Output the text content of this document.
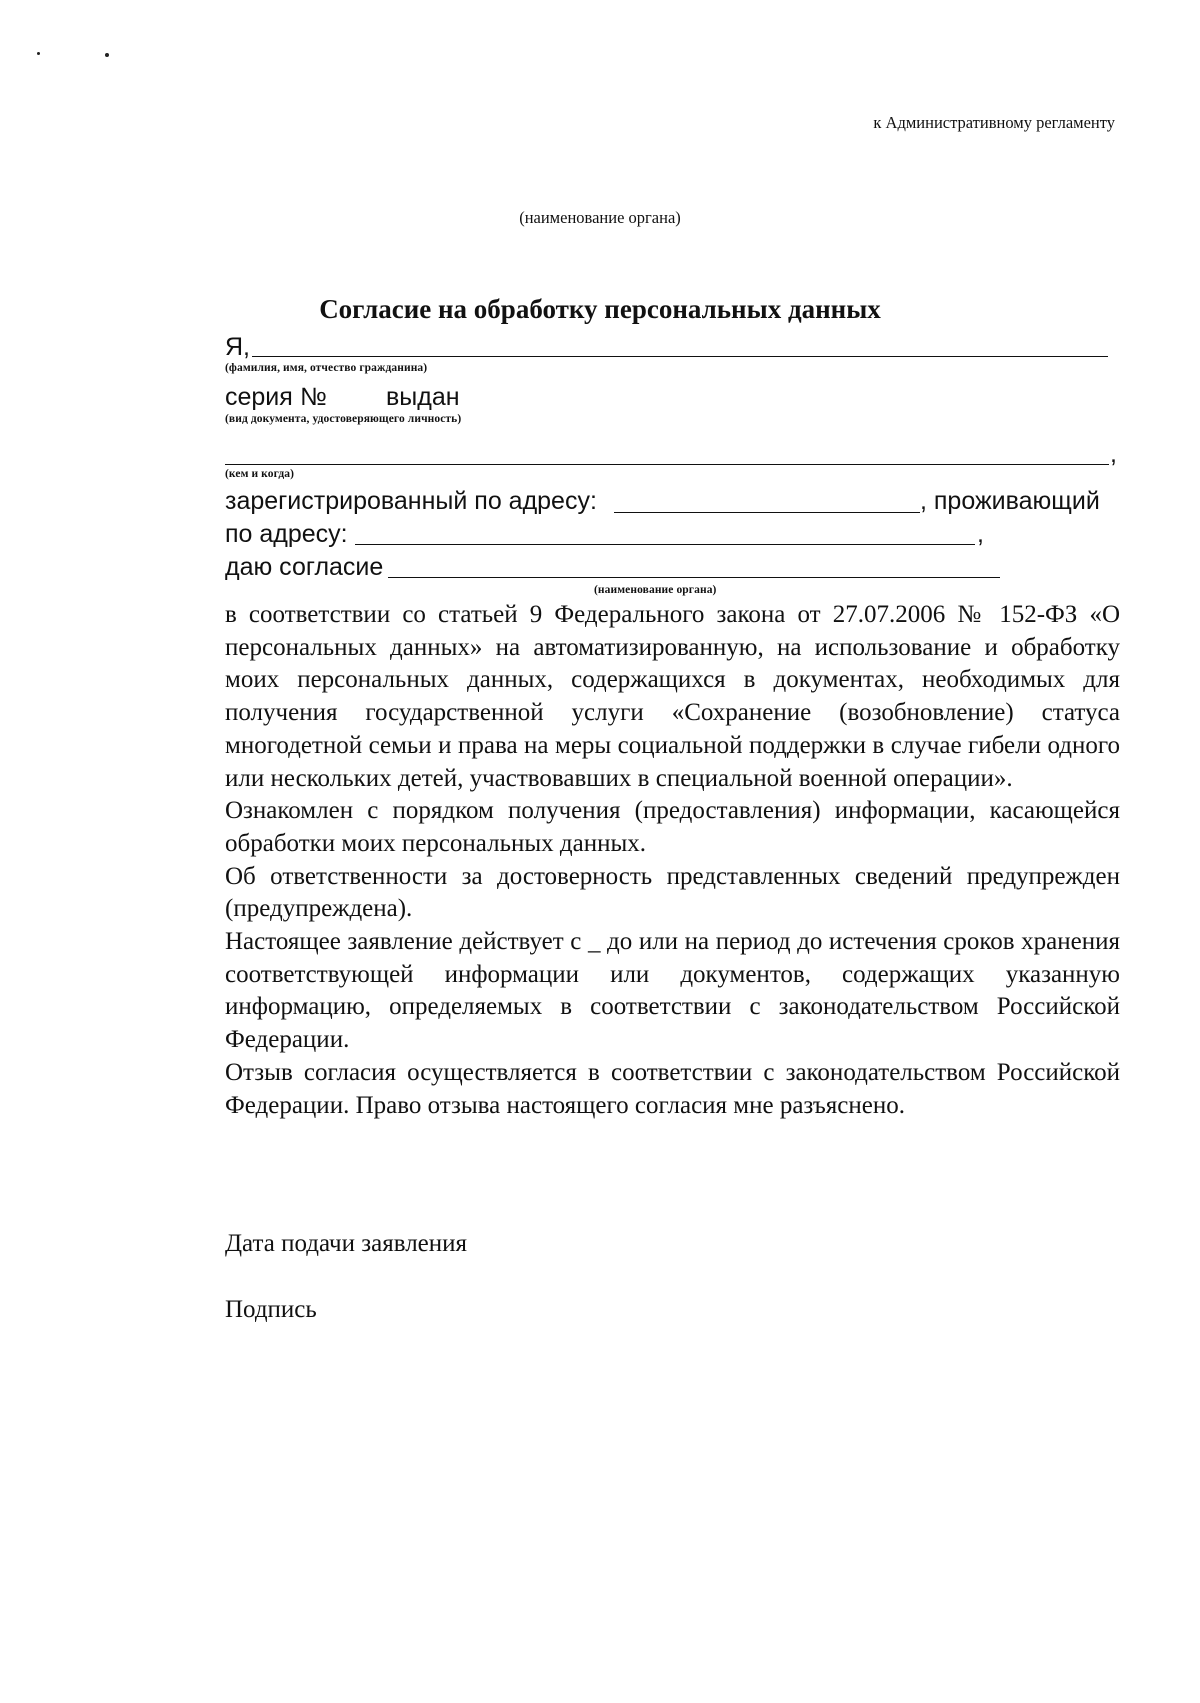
к Административному регламенту
(наименование органа)
Согласие на обработку персональных данных
Я,
(фамилия, имя, отчество гражданина)
серия № выдан
(вид документа, удостоверяющего личность)
,
(кем и когда)
зарегистрированный по адресу:	, проживающий
по адресу:	,
даю согласие
(наименование органа)

в соответствии со статьей 9 Федерального закона от 27.07.2006 № 152-ФЗ «О персональных данных» на автоматизированную, на использование и обработку моих персональных данных, содержащихся в документах, необходимых для получения государственной услуги «Сохранение (возобновление) статуса многодетной семьи и права на меры социальной поддержки в случае гибели одного или нескольких детей, участвовавших в специальной военной операции».

Ознакомлен с порядком получения (предоставления) информации, касающейся обработки моих персональных данных.

Об ответственности за достоверность представленных сведений предупрежден (предупреждена).

Настоящее заявление действует с _ до или на период до истечения сроков хранения соответствующей информации или документов, содержащих указанную информацию, определяемых в соответствии с законодательством Российской Федерации.

Отзыв согласия осуществляется в соответствии с законодательством Российской Федерации. Право отзыва настоящего согласия мне разъяснено.

Дата подачи заявления
Подпись
